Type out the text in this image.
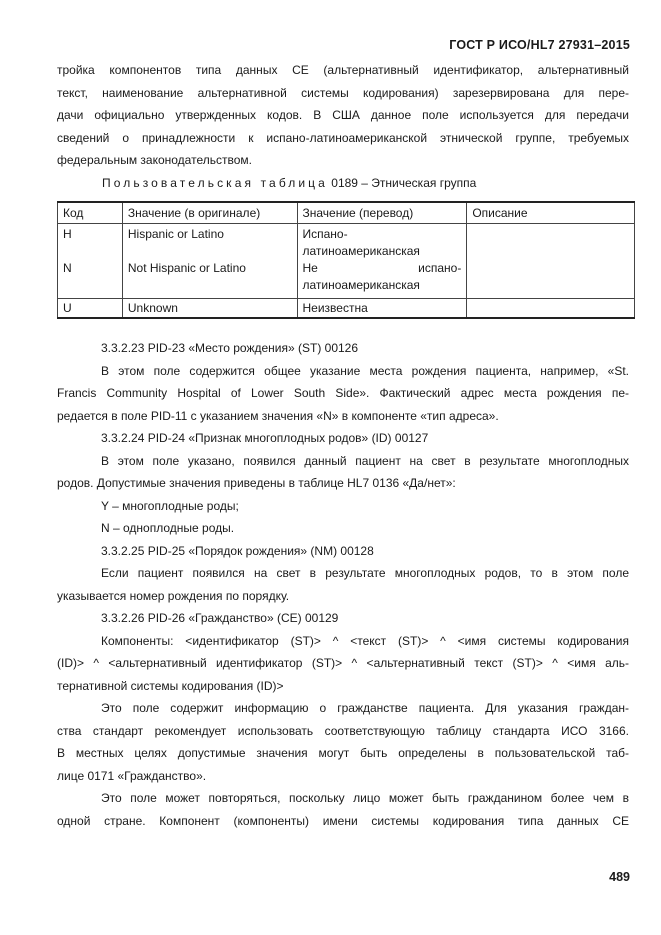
ГОСТ Р ИСО/HL7 27931–2015

тройка компонентов типа данных CE (альтернативный идентификатор, альтернативный
текст, наименование альтернативной системы кодирования) зарезервирована для пере-
дачи официально утвержденных кодов. В США данное поле используется для передачи
сведений о принадлежности к испано-латиноамериканской этнической группе, требуемых
федеральным законодательством.

Пользовательская таблица 0189 – Этническая группа
Код	Значение (в оригинале)	Значение (перевод)	Описание
H	Hispanic or Latino	Испано-
латиноамериканская	

N	Not Hispanic or Latino	Не испано-
латиноамериканская	

U	Unknown	Неизвестна	

3.3.2.23 PID-23 «Место рождения» (ST) 00126

В этом поле содержится общее указание места рождения пациента, например, «St.
Francis Community Hospital of Lower South Side». Фактический адрес места рождения пе-
редается в поле PID-11 с указанием значения «N» в компоненте «тип адреса».

3.3.2.24 PID-24 «Признак многоплодных родов» (ID) 00127

В этом поле указано, появился данный пациент на свет в результате многоплодных
родов. Допустимые значения приведены в таблице HL7 0136 «Да/нет»:

Y – многоплодные роды;

N – одноплодные роды.

3.3.2.25 PID-25 «Порядок рождения» (NM) 00128

Если пациент появился на свет в результате многоплодных родов, то в этом поле
указывается номер рождения по порядку.

3.3.2.26 PID-26 «Гражданство» (CE) 00129

Компоненты: <идентификатор (ST)> ^ <текст (ST)> ^ <имя системы кодирования
(ID)> ^ <альтернативный идентификатор (ST)> ^ <альтернативный текст (ST)> ^ <имя аль-
тернативной системы кодирования (ID)>

Это поле содержит информацию о гражданстве пациента. Для указания граждан-
ства стандарт рекомендует использовать соответствующую таблицу стандарта ИСО 3166.
В местных целях допустимые значения могут быть определены в пользовательской таб-
лице 0171 «Гражданство».

Это поле может повторяться, поскольку лицо может быть гражданином более чем в
одной стране. Компонент (компоненты) имени системы кодирования типа данных CE

489
